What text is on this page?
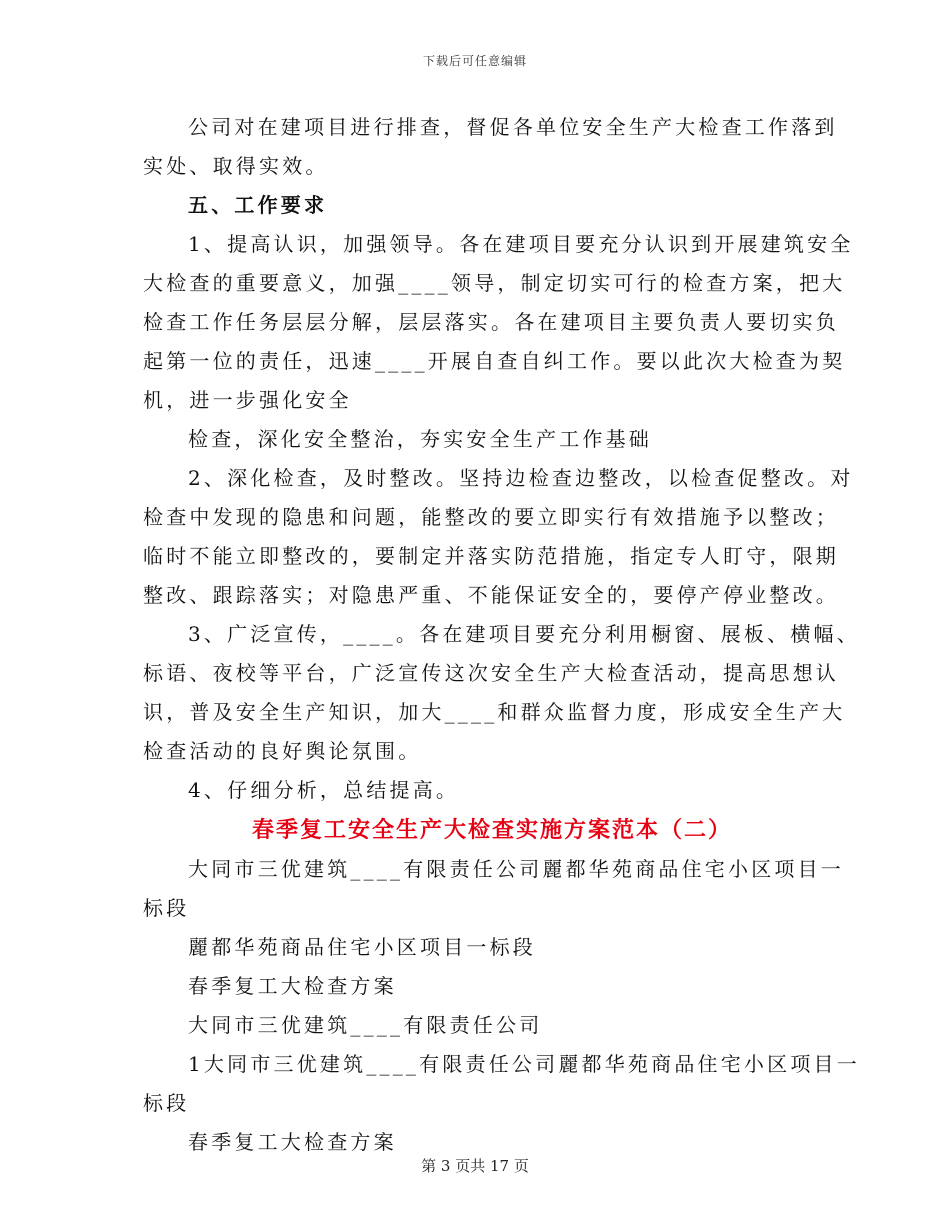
下载后可任意编辑
公司对在建项目进行排查，督促各单位安全生产大检查工作落到
实处、取得实效。
五、工作要求
1、提高认识，加强领导。各在建项目要充分认识到开展建筑安全
大检查的重要意义，加强____领导，制定切实可行的检查方案，把大
检查工作任务层层分解，层层落实。各在建项目主要负责人要切实负
起第一位的责任，迅速____开展自查自纠工作。要以此次大检查为契
机，进一步强化安全
检查，深化安全整治，夯实安全生产工作基础
2、深化检查，及时整改。坚持边检查边整改，以检查促整改。对
检查中发现的隐患和问题，能整改的要立即实行有效措施予以整改；
临时不能立即整改的，要制定并落实防范措施，指定专人盯守，限期
整改、跟踪落实；对隐患严重、不能保证安全的，要停产停业整改。
3、广泛宣传，____。各在建项目要充分利用橱窗、展板、横幅、
标语、夜校等平台，广泛宣传这次安全生产大检查活动，提高思想认
识，普及安全生产知识，加大____和群众监督力度，形成安全生产大
检查活动的良好舆论氛围。
4、仔细分析，总结提高。
春季复工安全生产大检查实施方案范本（二）
大同市三优建筑____有限责任公司麗都华苑商品住宅小区项目一
标段
麗都华苑商品住宅小区项目一标段
春季复工大检查方案
大同市三优建筑____有限责任公司
1大同市三优建筑____有限责任公司麗都华苑商品住宅小区项目一
标段
春季复工大检查方案
第 3 页共 17 页
